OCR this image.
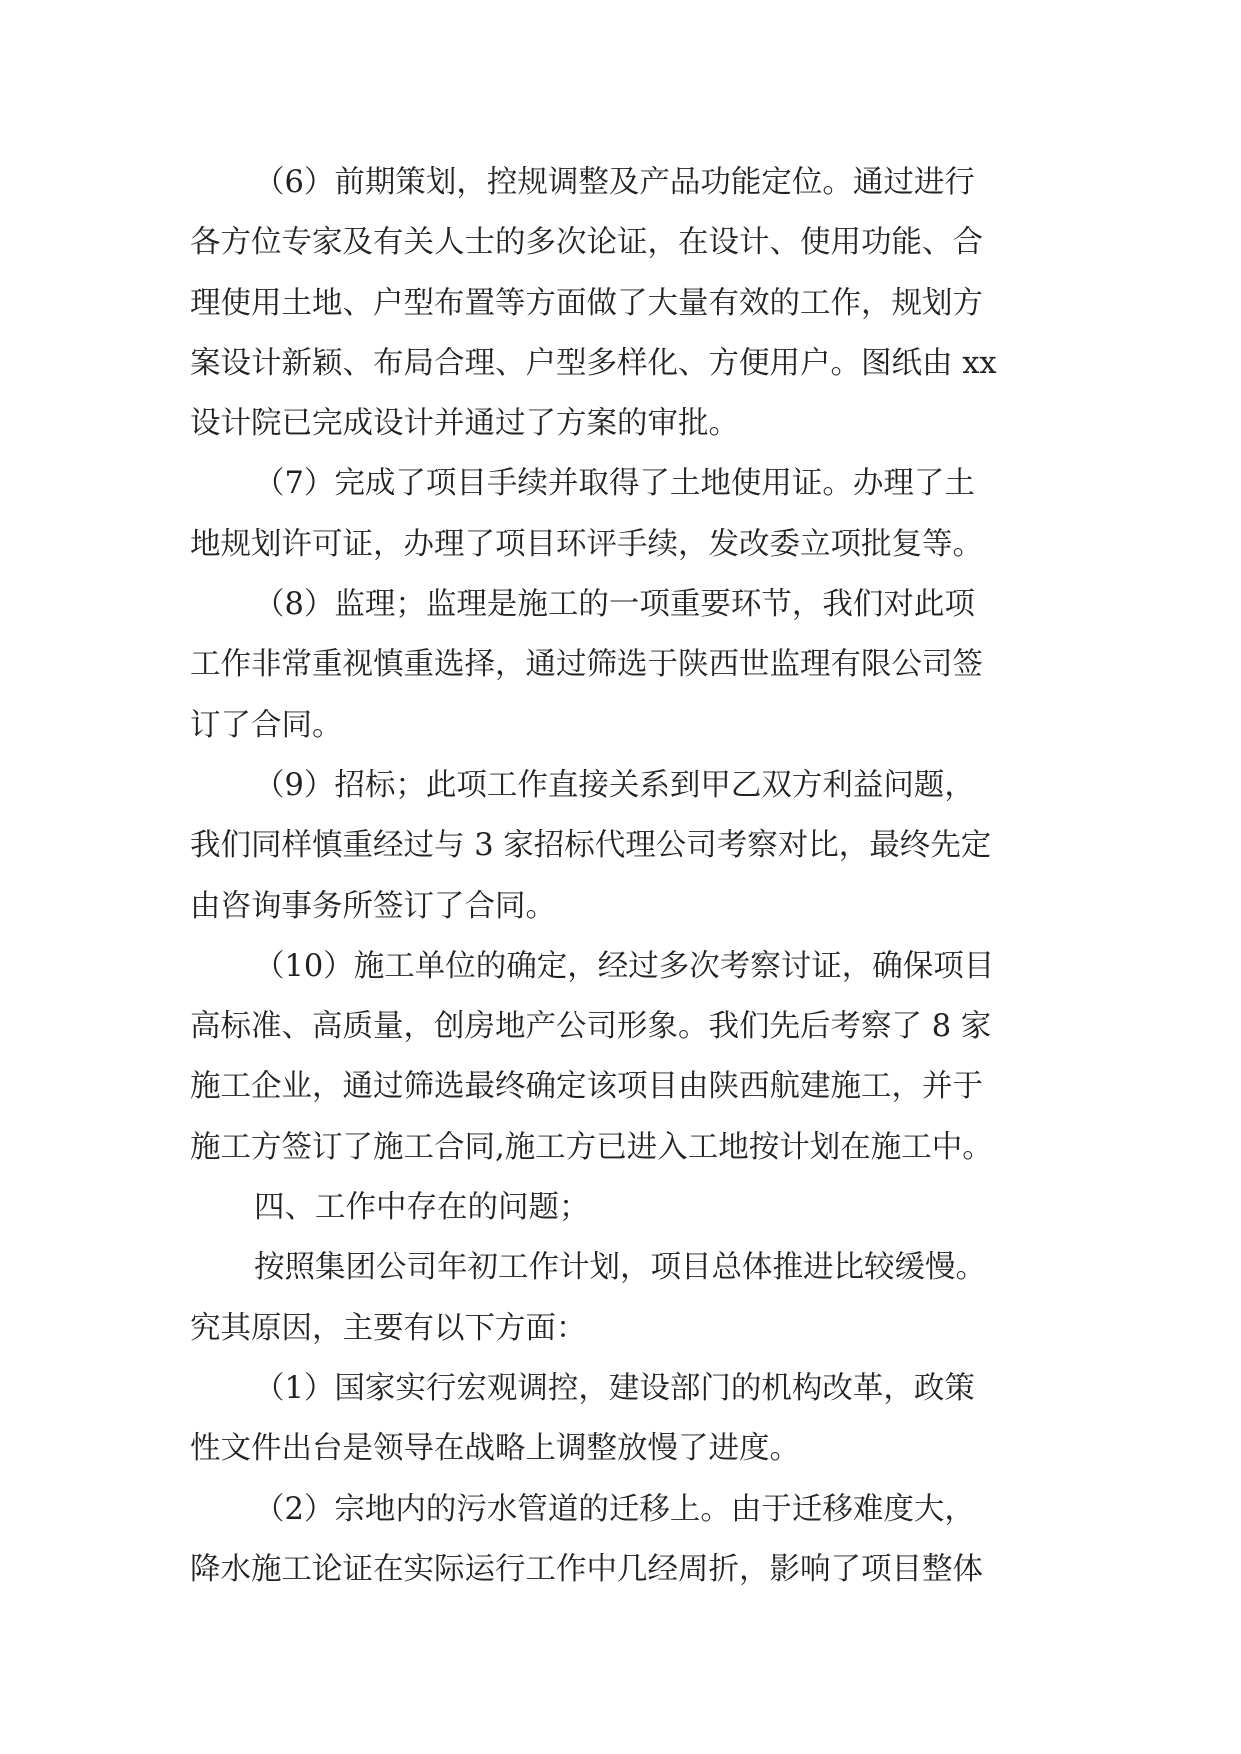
（6）前期策划，控规调整及产品功能定位。通过进行
各方位专家及有关人士的多次论证，在设计、使用功能、合
理使用土地、户型布置等方面做了大量有效的工作，规划方
案设计新颖、布局合理、户型多样化、方便用户。图纸由 xx
设计院已完成设计并通过了方案的审批。
（7）完成了项目手续并取得了土地使用证。办理了土
地规划许可证，办理了项目环评手续，发改委立项批复等。
（8）监理；监理是施工的一项重要环节，我们对此项
工作非常重视慎重选择，通过筛选于陕西世监理有限公司签
订了合同。
（9）招标；此项工作直接关系到甲乙双方利益问题，
我们同样慎重经过与 3 家招标代理公司考察对比，最终先定
由咨询事务所签订了合同。
（10）施工单位的确定，经过多次考察讨证，确保项目
高标准、高质量，创房地产公司形象。我们先后考察了 8 家
施工企业，通过筛选最终确定该项目由陕西航建施工，并于
施工方签订了施工合同,施工方已进入工地按计划在施工中。
四、工作中存在的问题；
按照集团公司年初工作计划，项目总体推进比较缓慢。
究其原因，主要有以下方面：
（1）国家实行宏观调控，建设部门的机构改革，政策
性文件出台是领导在战略上调整放慢了进度。
（2）宗地内的污水管道的迁移上。由于迁移难度大，
降水施工论证在实际运行工作中几经周折，影响了项目整体
